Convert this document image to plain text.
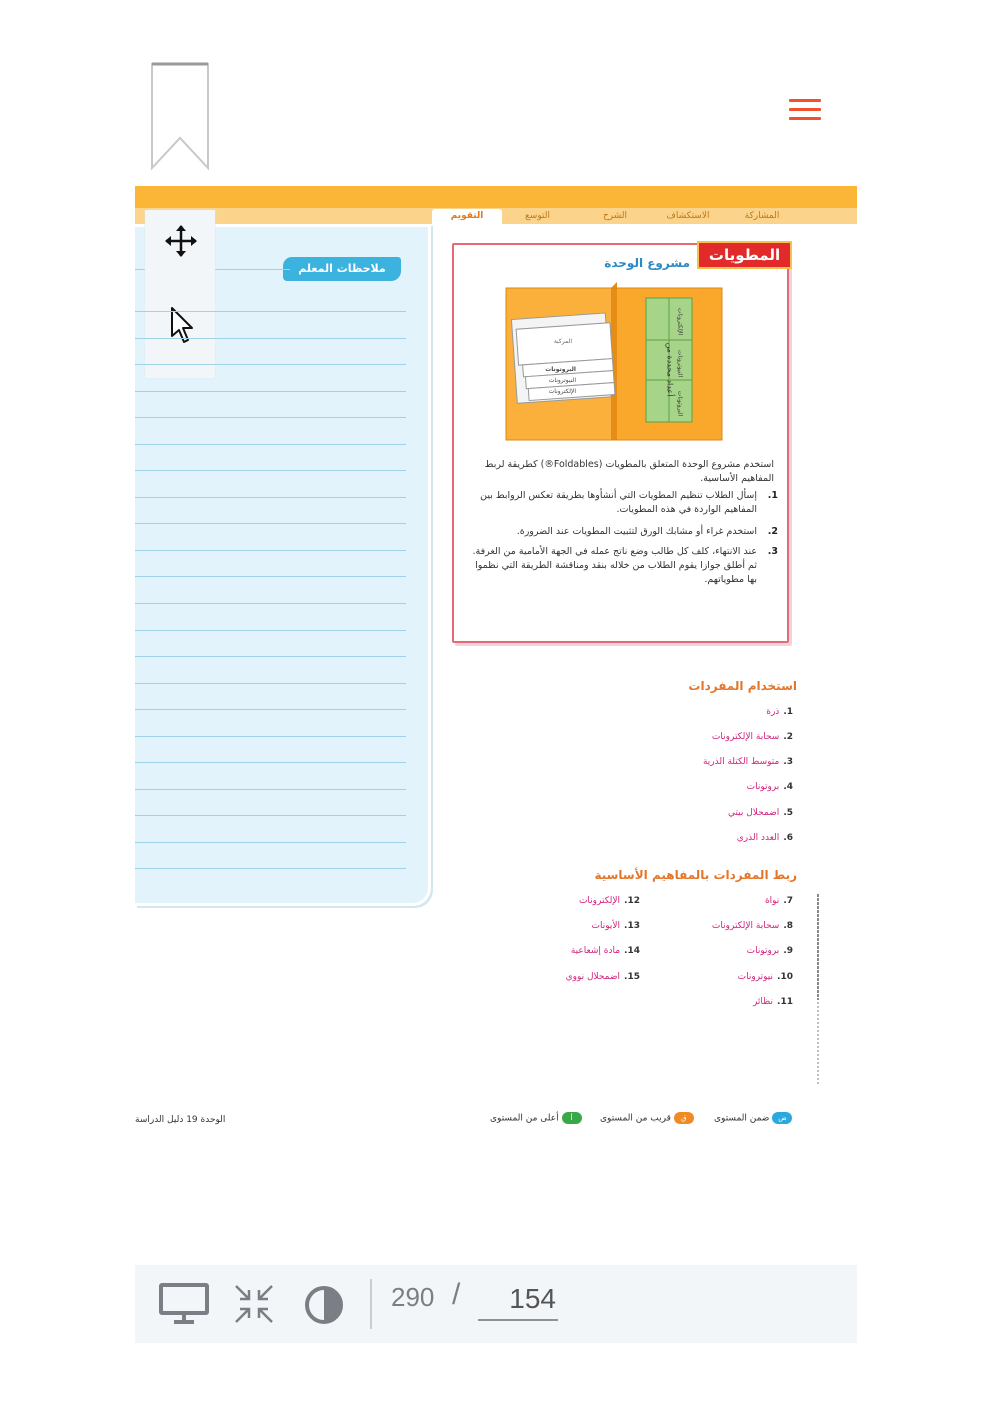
المشاركة
الاستكشاف
الشرح
التوسع
التقويم
ملاحظات المعلم
المطويات
مشروع الوحدة
المركبة
البروتونات
النيوترونات
الإلكترونات	أعداد محددة من
الإلكترونات
النيوترونات
البروتونات
استخدم مشروع الوحدة المتعلق بالمطويات (Foldables®) كطريقة لربط المفاهيم الأساسية.
1.
إسأل الطلاب تنظيم المطويات التي أنشأوها بطريقة تعكس الروابط بين المفاهيم الواردة في هذه المطويات.
2.
استخدم غراء أو مشابك الورق لتثبيت المطويات عند الضرورة.
3.
عند الانتهاء، كلف كل طالب وضع ناتج عمله في الجهة الأمامية من الغرفة. ثم أطلق جوازا يقوم الطلاب من خلاله بنقد ومناقشة الطريقة التي نظموا بها مطوياتهم.
استخدام المفردات
1.ذرة
2.سحابة الإلكترونات
3.متوسط الكتلة الذرية
4.بروتونات
5.اضمحلال بيتي
6.العدد الذري
ربط المفردات بالمفاهيم الأساسية
7.نواة
8.سحابة الإلكترونات
9.بروتونات
10.نيوترونات
11.نظائر
12.الإلكترونات
13.الأيونات
14.مادة إشعاعية
15.اضمحلال نووي
الوحدة 19 دليل الدراسة	ضضمن المستوى
ققريب من المستوى
أأعلى من المستوى
290 /
154
